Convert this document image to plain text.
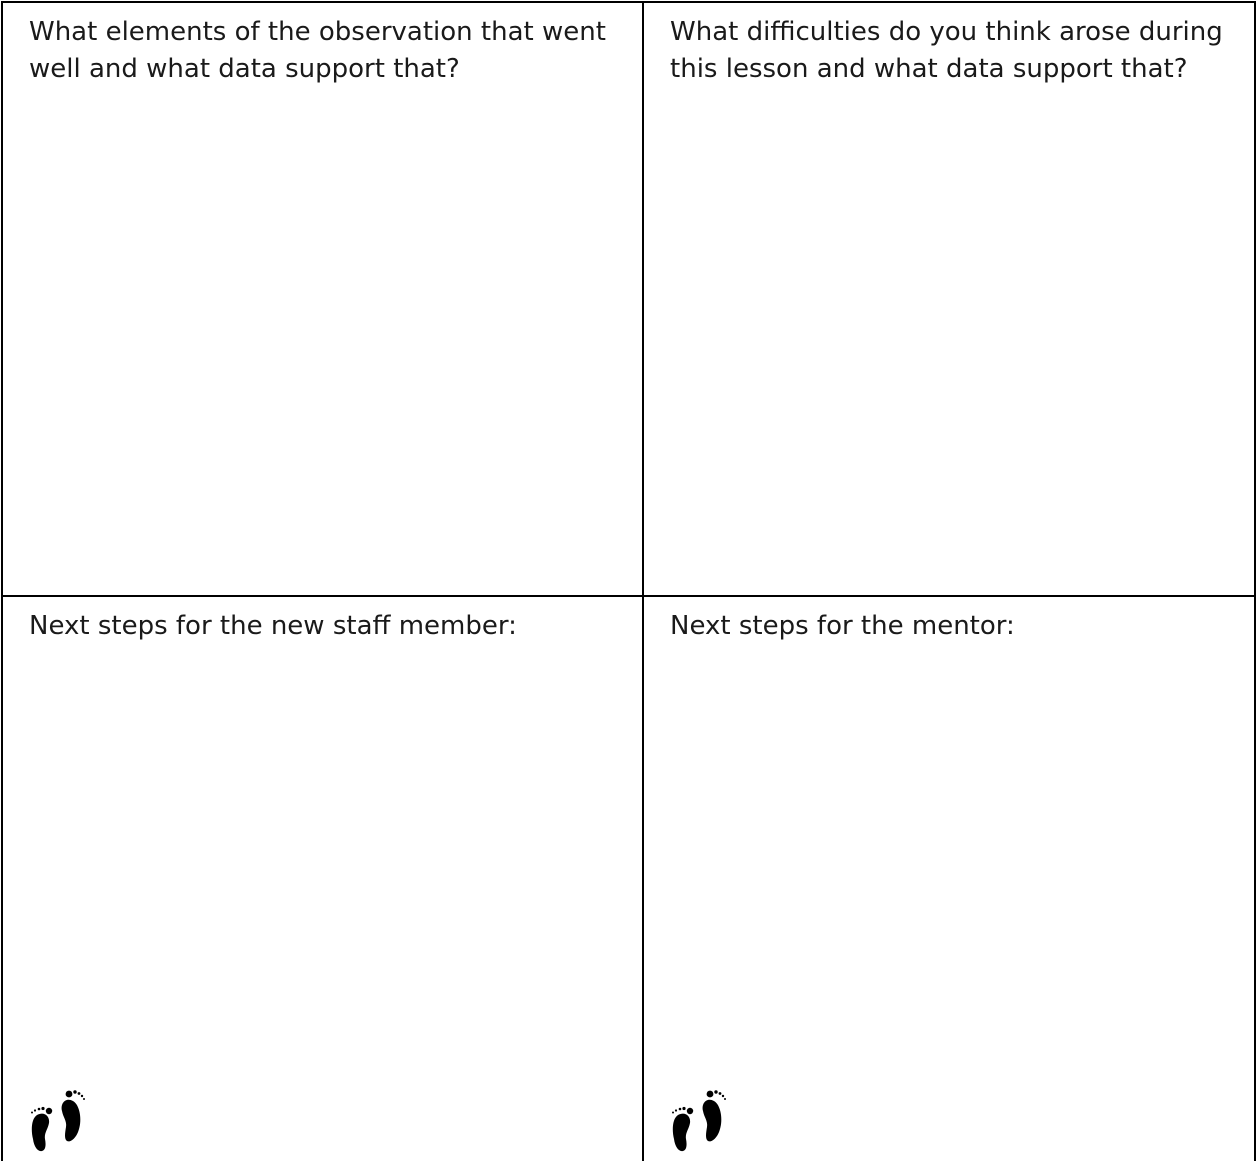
What elements of the observation that went well and what data support that?	What difficulties do you think arose during this lesson and what data support that?

Next steps for the new staff member:	Next steps for the mentor:
